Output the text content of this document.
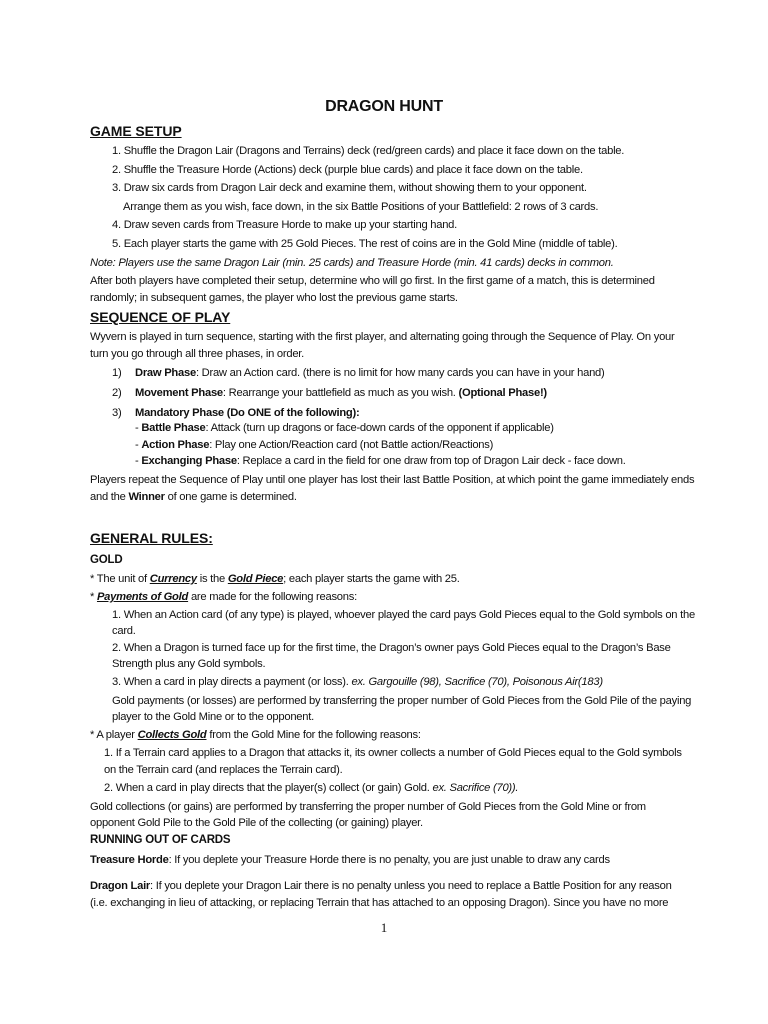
DRAGON HUNT
GAME SETUP
1. Shuffle the Dragon Lair (Dragons and Terrains) deck (red/green cards) and place it face down on the table.
2. Shuffle the Treasure Horde (Actions) deck (purple blue cards) and place it face down on the table.
3. Draw six cards from Dragon Lair deck and examine them, without showing them to your opponent.
Arrange them as you wish, face down, in the six Battle Positions of your Battlefield: 2 rows of 3 cards.
4. Draw seven cards from Treasure Horde to make up your starting hand.
5. Each player starts the game with 25 Gold Pieces. The rest of coins are in the Gold Mine (middle of table).
Note: Players use the same Dragon Lair (min. 25 cards) and Treasure Horde (min. 41 cards) decks in common.
After both players have completed their setup, determine who will go first. In the first game of a match, this is determined
randomly; in subsequent games, the player who lost the previous game starts.
SEQUENCE OF PLAY
Wyvern is played in turn sequence, starting with the first player, and alternating going through the Sequence of Play. On your
turn you go through all three phases, in order.
1) Draw Phase: Draw an Action card. (there is no limit for how many cards you can have in your hand)
2) Movement Phase: Rearrange your battlefield as much as you wish. (Optional Phase!)
3) Mandatory Phase (Do ONE of the following):
- Battle Phase: Attack (turn up dragons or face-down cards of the opponent if applicable)
- Action Phase: Play one Action/Reaction card (not Battle action/Reactions)
- Exchanging Phase: Replace a card in the field for one draw from top of Dragon Lair deck - face down.
Players repeat the Sequence of Play until one player has lost their last Battle Position, at which point the game immediately ends
and the Winner of one game is determined.
GENERAL RULES:
GOLD
* The unit of Currency is the Gold Piece; each player starts the game with 25.
* Payments of Gold are made for the following reasons:
1. When an Action card (of any type) is played, whoever played the card pays Gold Pieces equal to the Gold symbols on the
card.
2. When a Dragon is turned face up for the first time, the Dragon’s owner pays Gold Pieces equal to the Dragon’s Base
Strength plus any Gold symbols.
3. When a card in play directs a payment (or loss). ex. Gargouille (98), Sacrifice (70), Poisonous Air(183)
Gold payments (or losses) are performed by transferring the proper number of Gold Pieces from the Gold Pile of the paying
player to the Gold Mine or to the opponent.
* A player Collects Gold from the Gold Mine for the following reasons:
1. If a Terrain card applies to a Dragon that attacks it, its owner collects a number of Gold Pieces equal to the Gold symbols
on the Terrain card (and replaces the Terrain card).
2. When a card in play directs that the player(s) collect (or gain) Gold. ex. Sacrifice (70)).
Gold collections (or gains) are performed by transferring the proper number of Gold Pieces from the Gold Mine or from
opponent Gold Pile to the Gold Pile of the collecting (or gaining) player.
RUNNING OUT OF CARDS
Treasure Horde: If you deplete your Treasure Horde there is no penalty, you are just unable to draw any cards
Dragon Lair: If you deplete your Dragon Lair there is no penalty unless you need to replace a Battle Position for any reason
(i.e. exchanging in lieu of attacking, or replacing Terrain that has attached to an opposing Dragon). Since you have no more
1
